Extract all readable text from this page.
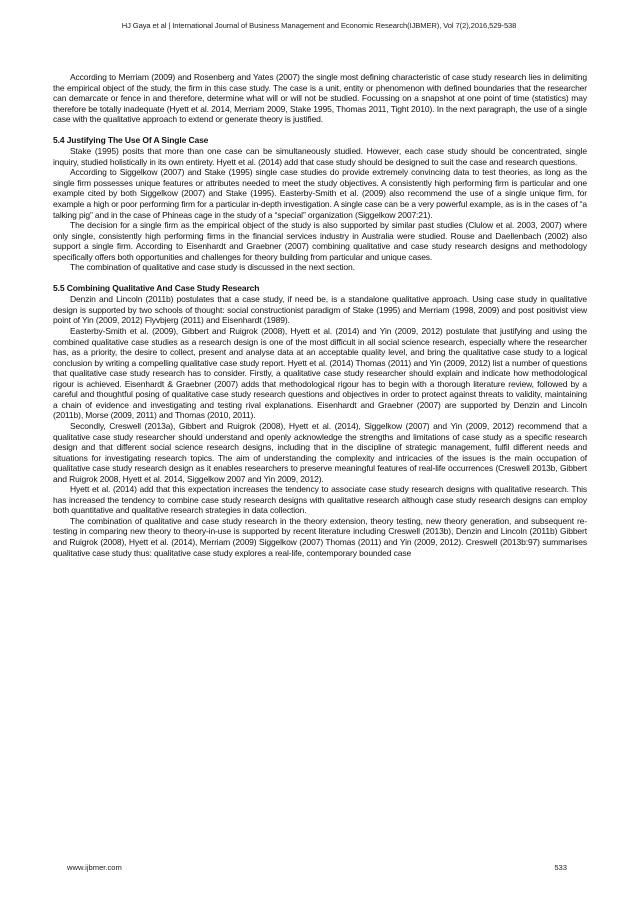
HJ Gaya et al | International Journal of Business Management and Economic Research(IJBMER), Vol 7(2),2016,529-538

According to Merriam (2009) and Rosenberg and Yates (2007) the single most defining characteristic of case study research lies in delimiting the empirical object of the study, the firm in this case study. The case is a unit, entity or phenomenon with defined boundaries that the researcher can demarcate or fence in and therefore, determine what will or will not be studied. Focussing on a snapshot at one point of time (statistics) may therefore be totally inadequate (Hyett et al. 2014, Merriam 2009, Stake 1995, Thomas 2011, Tight 2010). In the next paragraph, the use of a single case with the qualitative approach to extend or generate theory is justified.

5.4 Justifying The Use Of A Single Case

Stake (1995) posits that more than one case can be simultaneously studied. However, each case study should be concentrated, single inquiry, studied holistically in its own entirety. Hyett et al. (2014) add that case study should be designed to suit the case and research questions.

According to Siggelkow (2007) and Stake (1995) single case studies do provide extremely convincing data to test theories, as long as the single firm possesses unique features or attributes needed to meet the study objectives. A consistently high performing firm is particular and one example cited by both Siggelkow (2007) and Stake (1995). Easterby-Smith et al. (2009) also recommend the use of a single unique firm, for example a high or poor performing firm for a particular in-depth investigation. A single case can be a very powerful example, as is in the cases of “a talking pig” and in the case of Phineas cage in the study of a “special” organization (Siggelkow 2007:21).

The decision for a single firm as the empirical object of the study is also supported by similar past studies (Clulow et al. 2003, 2007) where only single, consistently high performing firms in the financial services industry in Australia were studied. Rouse and Daellenbach (2002) also support a single firm. According to Eisenhardt and Graebner (2007) combining qualitative and case study research designs and methodology specifically offers both opportunities and challenges for theory building from particular and unique cases.

The combination of qualitative and case study is discussed in the next section.

5.5 Combining Qualitative And Case Study Research

Denzin and Lincoln (2011b) postulates that a case study, if need be, is a standalone qualitative approach. Using case study in qualitative design is supported by two schools of thought: social constructionist paradigm of Stake (1995) and Merriam (1998, 2009) and post positivist view point of Yin (2009, 2012) Flyvbjerg (2011) and Eisenhardt (1989).

Easterby-Smith et al. (2009), Gibbert and Ruigrok (2008), Hyett et al. (2014) and Yin (2009, 2012) postulate that justifying and using the combined qualitative case studies as a research design is one of the most difficult in all social science research, especially where the researcher has, as a priority, the desire to collect, present and analyse data at an acceptable quality level, and bring the qualitative case study to a logical conclusion by writing a compelling qualitative case study report. Hyett et al. (2014) Thomas (2011) and Yin (2009, 2012) list a number of questions that qualitative case study research has to consider. Firstly, a qualitative case study researcher should explain and indicate how methodological rigour is achieved. Eisenhardt & Graebner (2007) adds that methodological rigour has to begin with a thorough literature review, followed by a careful and thoughtful posing of qualitative case study research questions and objectives in order to protect against threats to validity, maintaining a chain of evidence and investigating and testing rival explanations. Eisenhardt and Graebner (2007) are supported by Denzin and Lincoln (2011b), Morse (2009, 2011) and Thomas (2010, 2011).

Secondly, Creswell (2013a), Gibbert and Ruigrok (2008), Hyett et al. (2014), Siggelkow (2007) and Yin (2009, 2012) recommend that a qualitative case study researcher should understand and openly acknowledge the strengths and limitations of case study as a specific research design and that different social science research designs, including that in the discipline of strategic management, fulfil different needs and situations for investigating research topics. The aim of understanding the complexity and intricacies of the issues is the main occupation of qualitative case study research design as it enables researchers to preserve meaningful features of real-life occurrences (Creswell 2013b, Gibbert and Ruigrok 2008, Hyett et al. 2014, Siggelkow 2007 and Yin 2009, 2012).

Hyett et al. (2014) add that this expectation increases the tendency to associate case study research designs with qualitative research. This has increased the tendency to combine case study research designs with qualitative research although case study research designs can employ both quantitative and qualitative research strategies in data collection.

The combination of qualitative and case study research in the theory extension, theory testing, new theory generation, and subsequent re-testing in comparing new theory to theory-in-use is supported by recent literature including Creswell (2013b), Denzin and Lincoln (2011b) Gibbert and Ruigrok (2008), Hyett et al. (2014), Merriam (2009) Siggelkow (2007) Thomas (2011) and Yin (2009, 2012). Creswell (2013b:97) summarises qualitative case study thus: qualitative case study explores a real-life, contemporary bounded case

www.ijbmer.com	533
